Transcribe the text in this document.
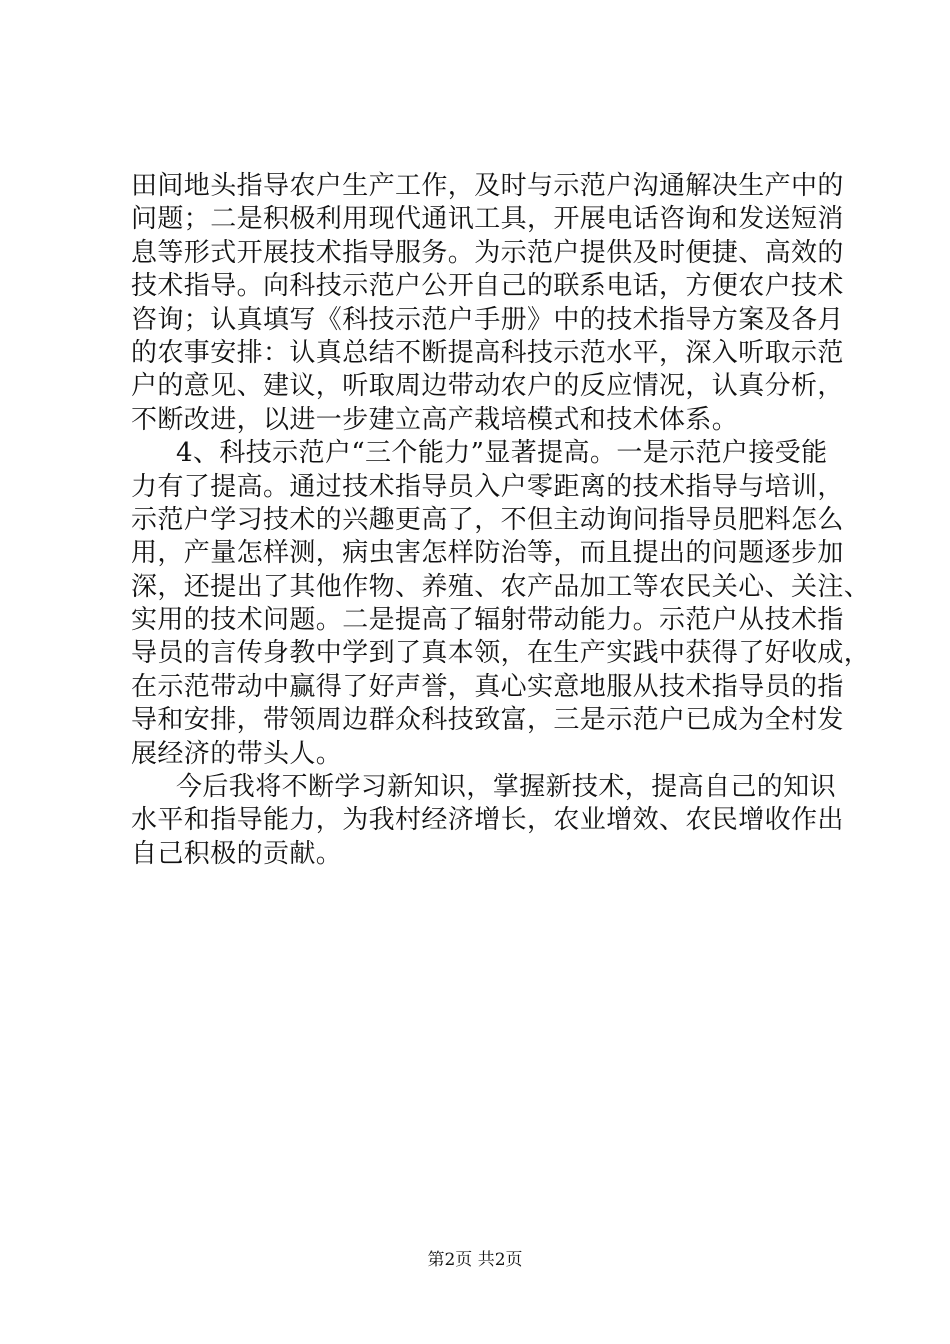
田间地头指导农户生产工作，及时与示范户沟通解决生产中的
问题；二是积极利用现代通讯工具，开展电话咨询和发送短消
息等形式开展技术指导服务。为示范户提供及时便捷、高效的
技术指导。向科技示范户公开自己的联系电话，方便农户技术
咨询；认真填写《科技示范户手册》中的技术指导方案及各月
的农事安排：认真总结不断提高科技示范水平，深入听取示范
户的意见、建议，听取周边带动农户的反应情况，认真分析，
不断改进，以进一步建立高产栽培模式和技术体系。
4、科技示范户“三个能力”显著提高。一是示范户接受能
力有了提高。通过技术指导员入户零距离的技术指导与培训，
示范户学习技术的兴趣更高了，不但主动询问指导员肥料怎么
用，产量怎样测，病虫害怎样防治等，而且提出的问题逐步加
深，还提出了其他作物、养殖、农产品加工等农民关心、关注、
实用的技术问题。二是提高了辐射带动能力。示范户从技术指
导员的言传身教中学到了真本领，在生产实践中获得了好收成，
在示范带动中赢得了好声誉，真心实意地服从技术指导员的指
导和安排，带领周边群众科技致富，三是示范户已成为全村发
展经济的带头人。
今后我将不断学习新知识，掌握新技术，提高自己的知识
水平和指导能力，为我村经济增长，农业增效、农民增收作出
自己积极的贡献。
第2页 共2页
